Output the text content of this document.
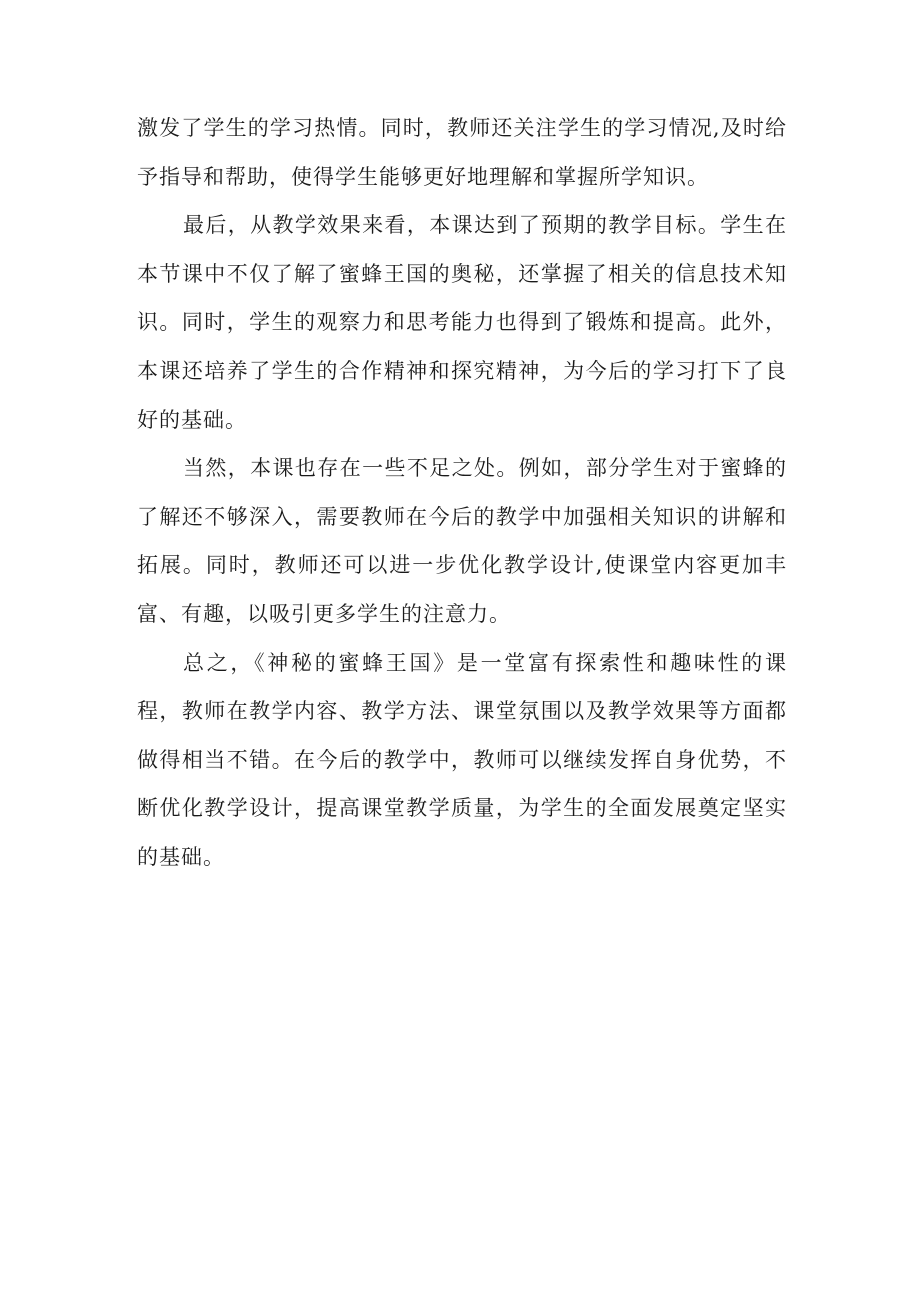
激发了学生的学习热情。同时，教师还关注学生的学习情况,及时给予指导和帮助，使得学生能够更好地理解和掌握所学知识。

最后，从教学效果来看，本课达到了预期的教学目标。学生在本节课中不仅了解了蜜蜂王国的奥秘，还掌握了相关的信息技术知识。同时，学生的观察力和思考能力也得到了锻炼和提高。此外，本课还培养了学生的合作精神和探究精神，为今后的学习打下了良好的基础。

当然，本课也存在一些不足之处。例如，部分学生对于蜜蜂的了解还不够深入，需要教师在今后的教学中加强相关知识的讲解和拓展。同时，教师还可以进一步优化教学设计,使课堂内容更加丰富、有趣，以吸引更多学生的注意力。

总之，《神秘的蜜蜂王国》是一堂富有探索性和趣味性的课程，教师在教学内容、教学方法、课堂氛围以及教学效果等方面都做得相当不错。在今后的教学中，教师可以继续发挥自身优势，不断优化教学设计，提高课堂教学质量，为学生的全面发展奠定坚实的基础。
